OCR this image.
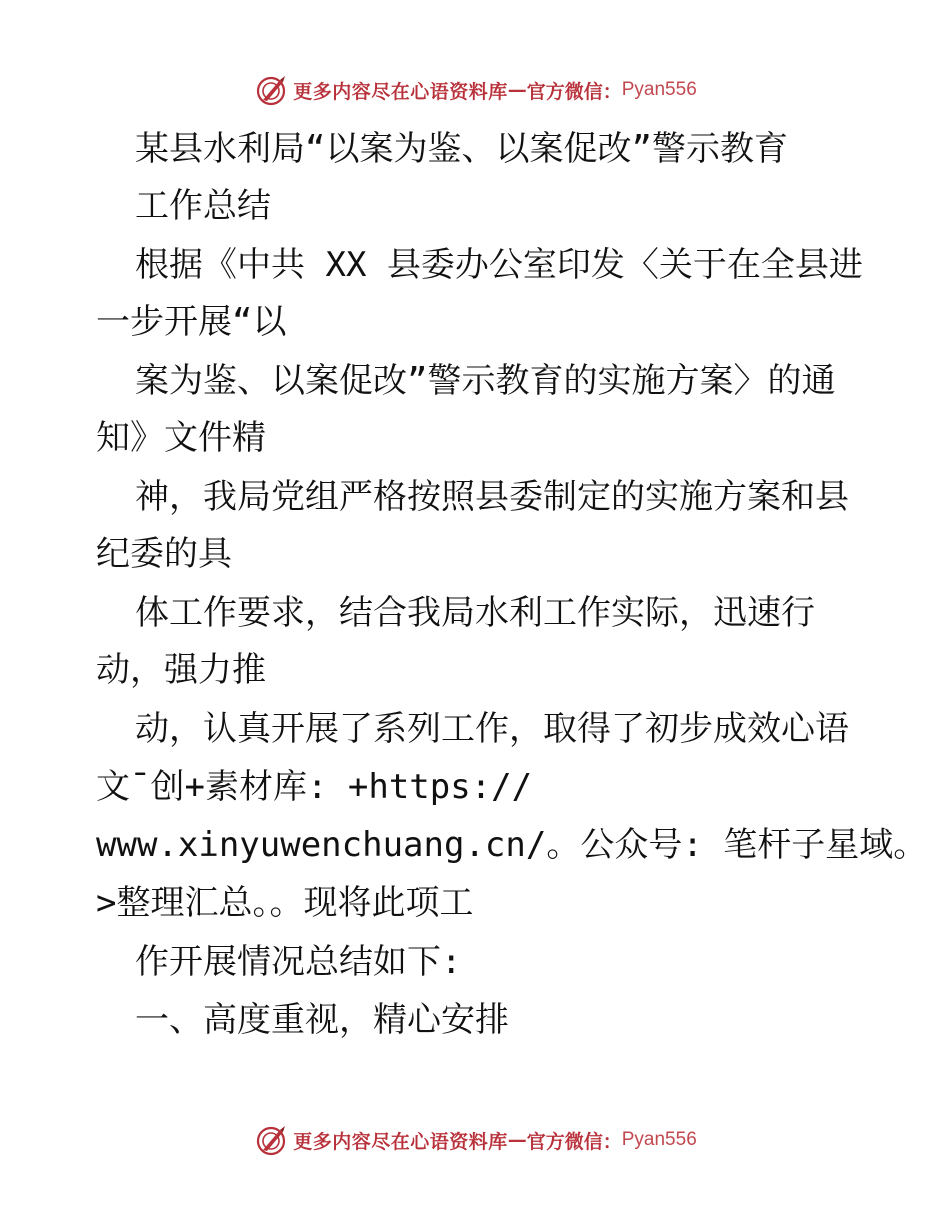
更多内容尽在心语资料库 — 官方微信： Pyan556
某县水利局“以案为鉴、以案促改”警示教育
工作总结
根据《中共 XX 县委办公室印发〈关于在全县进
一步开展“以
案为鉴、以案促改”警示教育的实施方案〉的通
知》文件精
神，我局党组严格按照县委制定的实施方案和县
纪委的具
体工作要求，结合我局水利工作实际，迅速行
动，强力推
动，认真开展了系列工作，取得了初步成效心语
文¯创+素材库: +https://
www.xinyuwenchuang.cn/。公众号: 笔杆子星域。
>整理汇总。。现将此项工
作开展情况总结如下:
一、高度重视，精心安排
更多内容尽在心语资料库 — 官方微信： Pyan556
